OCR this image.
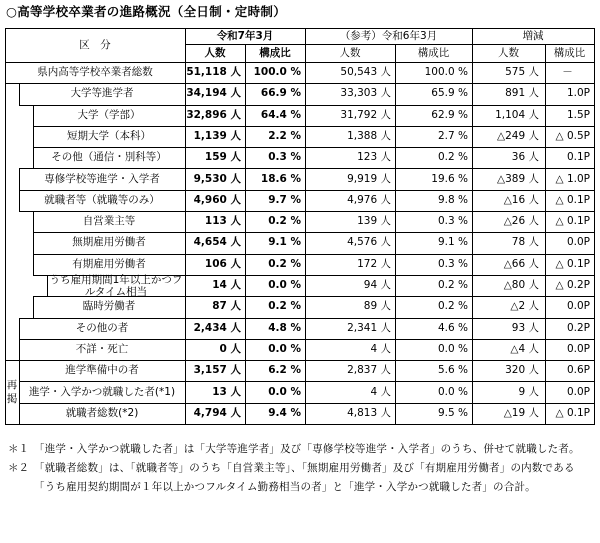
○高等学校卒業者の進路概況（全日制・定時制）
区　分
令和7年3月	（参考）令和6年3月	増減
人数	構成比	人数	構成比	人数	構成比
県内高等学校卒業者総数	51,118 人 100.0 %	50,543 人	100.0 %	575 人 －
大学等進学者	34,194 人 66.9 %	33,303 人	65.9 %	891 人	1.0P
大学（学部）	32,896 人 64.4 %	31,792 人	62.9 %	1,104 人	1.5P
短期大学（本科）	1,139 人	2.2 %	1,388 人	2.7 %	△249 人 △ 0.5P
その他（通信・別科等）	159 人	0.3 %	123 人	0.2 %	36 人	0.1P
専修学校等進学・入学者	9,530 人 18.6 %	9,919 人	19.6 %	△389 人 △ 1.0P
就職者等（就職等のみ）	4,960 人	9.7 %	4,976 人	9.8 %	△16 人 △ 0.1P
自営業主等	113 人	0.2 %	139 人	0.3 %	△26 人 △ 0.1P
無期雇用労働者	4,654 人	9.1 %	4,576 人	9.1 %	78 人	0.0P
有期雇用労働者	106 人	0.2 %	172 人	0.3 %	△66 人 △ 0.1P
うち雇用期間1年以上かつフルタイム相当
14 人	0.0 %	94 人	0.2 %	△80 人 △ 0.2P
臨時労働者	87 人	0.2 %	89 人	0.2 %	△2 人	0.0P
その他の者	2,434 人	4.8 %	2,341 人	4.6 %	93 人	0.2P
不詳・死亡	0 人	0.0 %	4 人	0.0 %	△4 人	0.0P
進学準備中の者	3,157 人	6.2 %	2,837 人	5.6 %	320 人	0.6P
進学・入学かつ就職した者(*1)	13 人	0.0 %	4 人	0.0 %	9 人	0.0P
就職者総数(*2)	4,794 人	9.4 %	4,813 人	9.5 %	△19 人 △ 0.1P
再
掲
＊１ 「進学・入学かつ就職した者」は「大学等進学者」及び「専修学校等進学・入学者」のうち、併せて就職した者。
＊２ 「就職者総数」は、「就職者等」のうち「自営業主等」、「無期雇用労働者」及び「有期雇用労働者」の内数である「うち雇用契約期間が１年以上かつフルタイム勤務相当の者」と「進学・入学かつ就職した者」の合計。
